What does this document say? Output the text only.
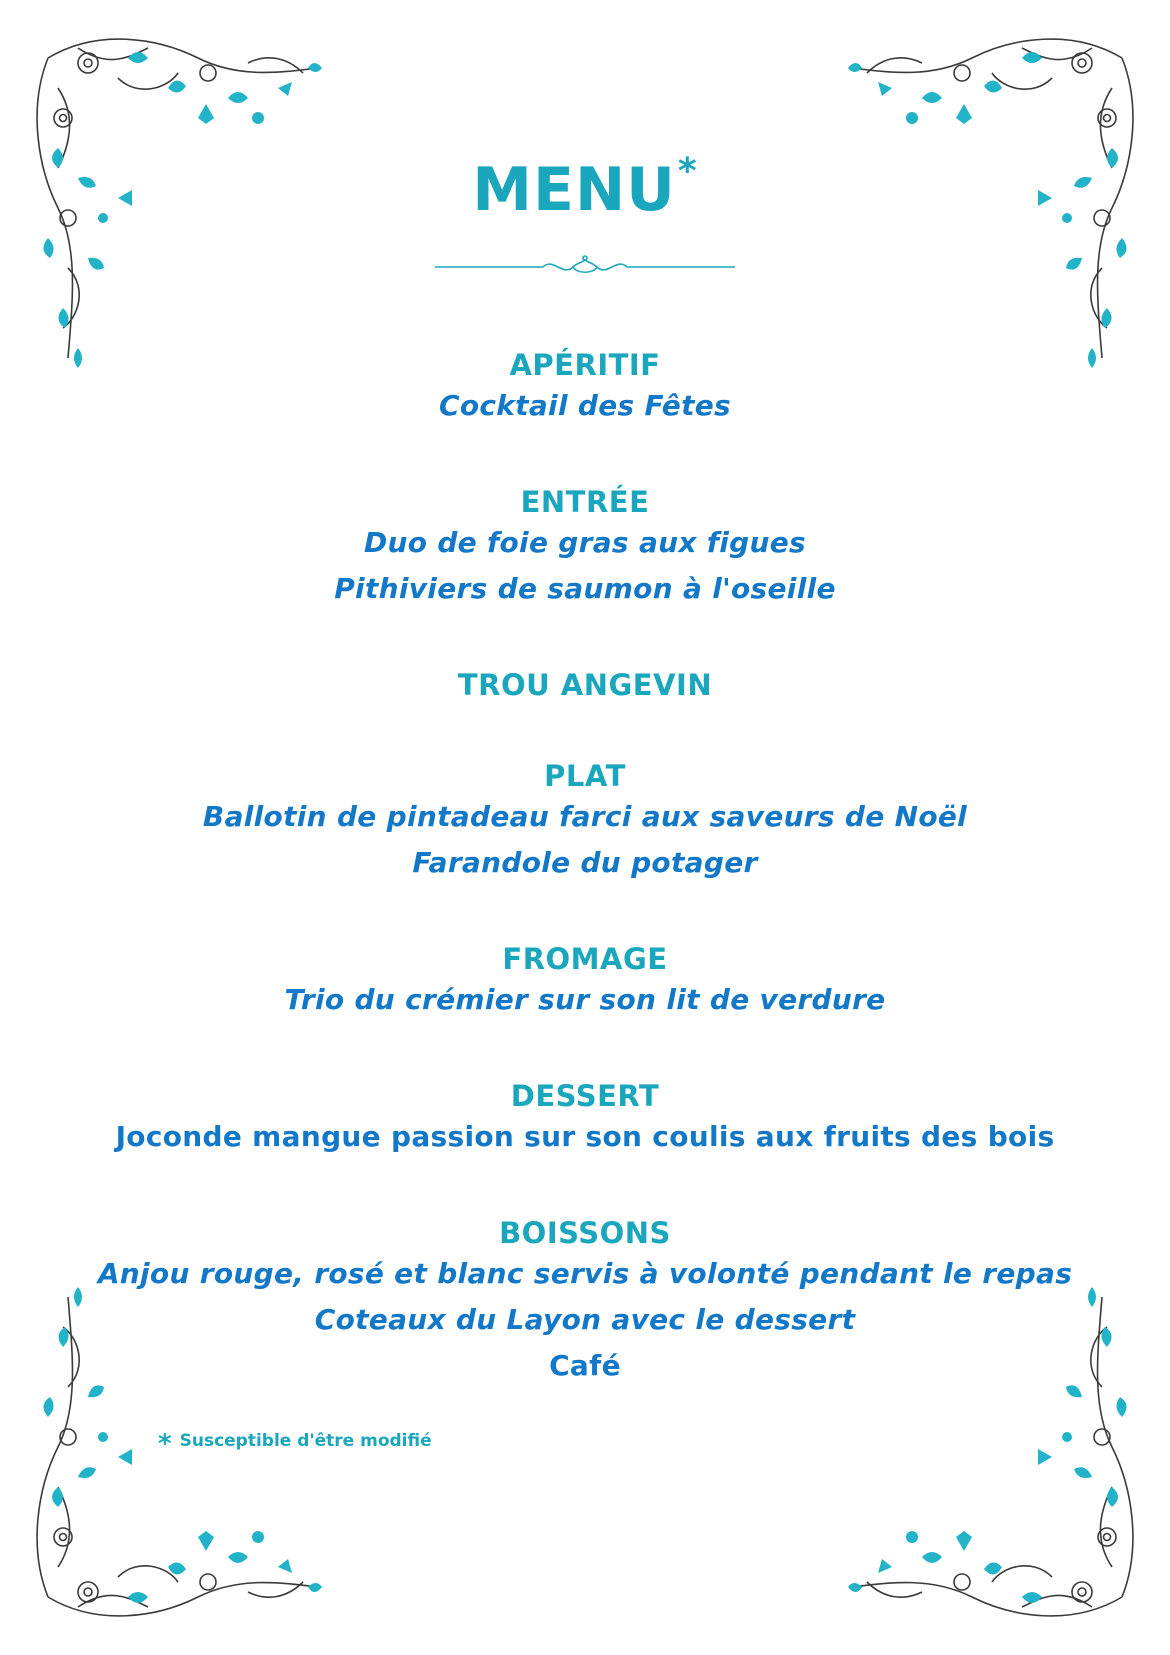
MENU*
APÉRITIF
Cocktail des Fêtes
ENTRÉE
Duo de foie gras aux figues
Pithiviers de saumon à l'oseille
TROU ANGEVIN
PLAT
Ballotin de pintadeau farci aux saveurs de Noël
Farandole du potager
FROMAGE
Trio du crémier sur son lit de verdure
DESSERT
Joconde mangue passion sur son coulis aux fruits des bois
BOISSONS
Anjou rouge, rosé et blanc servis à volonté pendant le repas
Coteaux du Layon avec le dessert
Café
* Susceptible d'être modifié
